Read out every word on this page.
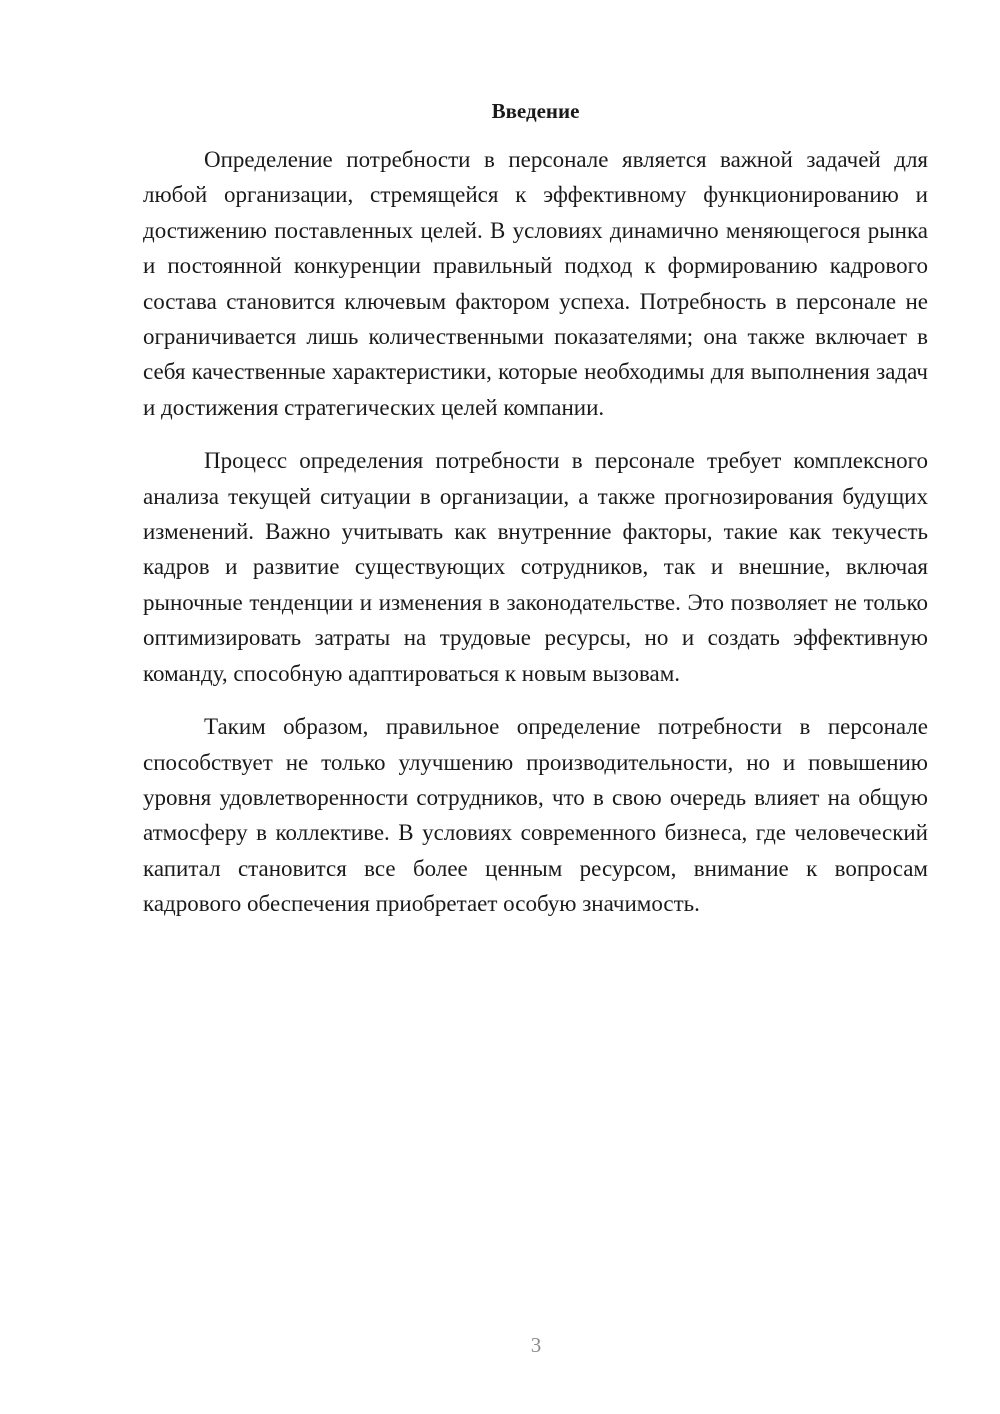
Введение

Определение потребности в персонале является важной задачей для любой организации, стремящейся к эффективному функционированию и достижению поставленных целей. В условиях динамично меняющегося рынка и постоянной конкуренции правильный подход к формированию кадрового состава становится ключевым фактором успеха. Потребность в персонале не ограничивается лишь количественными показателями; она также включает в себя качественные характеристики, которые необходимы для выполнения задач и достижения стратегических целей компании.

Процесс определения потребности в персонале требует комплексного анализа текущей ситуации в организации, а также прогнозирования будущих изменений. Важно учитывать как внутренние факторы, такие как текучесть кадров и развитие существующих сотрудников, так и внешние, включая рыночные тенденции и изменения в законодательстве. Это позволяет не только оптимизировать затраты на трудовые ресурсы, но и создать эффективную команду, способную адаптироваться к новым вызовам.

Таким образом, правильное определение потребности в персонале способствует не только улучшению производительности, но и повышению уровня удовлетворенности сотрудников, что в свою очередь влияет на общую атмосферу в коллективе. В условиях современного бизнеса, где человеческий капитал становится все более ценным ресурсом, внимание к вопросам кадрового обеспечения приобретает особую значимость.

3
